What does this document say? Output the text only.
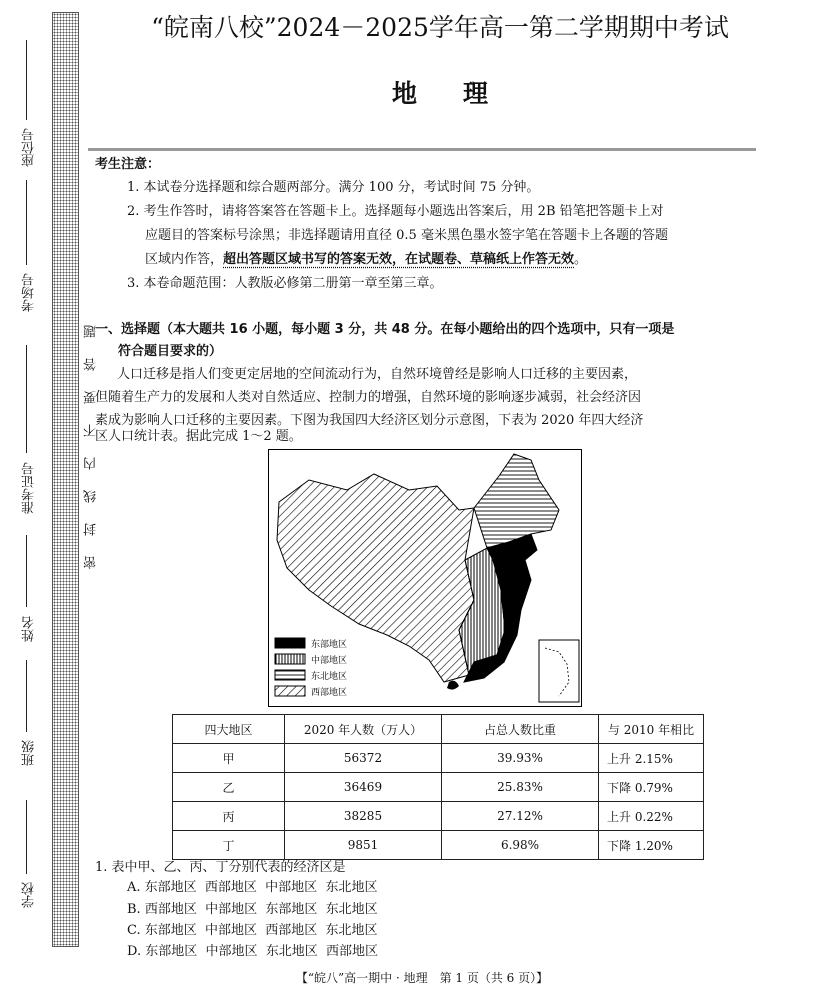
座位号
考场号
准考证号
姓名
班级
学校
密封线内不要答题
“皖南八校”2024－2025学年高一第二学期期中考试
地理
考生注意：
1. 本试卷分选择题和综合题两部分。满分 100 分，考试时间 75 分钟。
2. 考生作答时，请将答案答在答题卡上。选择题每小题选出答案后，用 2B 铅笔把答题卡上对
应题目的答案标号涂黑；非选择题请用直径 0.5 毫米黑色墨水签字笔在答题卡上各题的答题
区域内作答，超出答题区域书写的答案无效，在试题卷、草稿纸上作答无效。
3. 本卷命题范围：人教版必修第二册第一章至第三章。
一、选择题（本大题共 16 小题，每小题 3 分，共 48 分。在每小题给出的四个选项中，只有一项是
符合题目要求的）
人口迁移是指人们变更定居地的空间流动行为，自然环境曾经是影响人口迁移的主要因素，
但随着生产力的发展和人类对自然适应、控制力的增强，自然环境的影响逐步减弱，社会经济因
素成为影响人口迁移的主要因素。下图为我国四大经济区划分示意图，下表为 2020 年四大经济
区人口统计表。据此完成 1～2 题。
东部地区
中部地区
东北地区
西部地区
四大地区	2020 年人数（万人）	占总人数比重	与 2010 年相比
甲	56372	39.93%	上升 2.15%
乙	36469	25.83%	下降 0.79%
丙	38285	27.12%	上升 0.22%
丁	9851	6.98%	下降 1.20%
1. 表中甲、乙、丙、丁分别代表的经济区是
A. 东部地区  西部地区  中部地区  东北地区
B. 西部地区  中部地区  东部地区  东北地区
C. 东部地区  中部地区  西部地区  东北地区
D. 东部地区  中部地区  东北地区  西部地区
【“皖八”高一期中 · 地理　第 1 页（共 6 页）】
